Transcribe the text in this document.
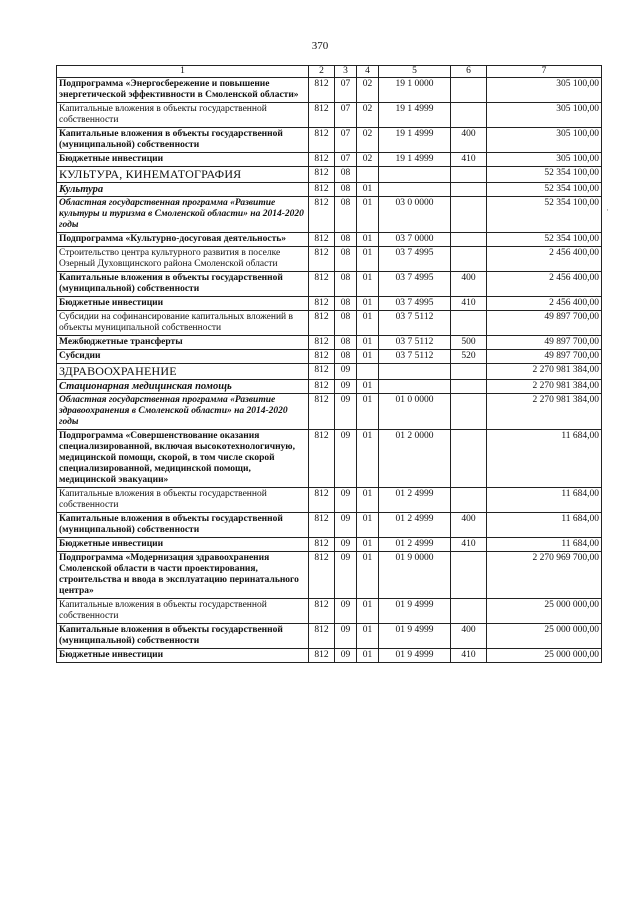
370
·
1	2	3	4	5	6	7
Подпрограмма «Энергосбережение и повышение энергетической эффективности в Смоленской области»	812	07	02	19 1 0000		305 100,00
Капитальные вложения в объекты государственной собственности	812	07	02	19 1 4999		305 100,00
Капитальные вложения в объекты государственной (муниципальной) собственности	812	07	02	19 1 4999	400	305 100,00
Бюджетные инвестиции	812	07	02	19 1 4999	410	305 100,00
КУЛЬТУРА, КИНЕМАТОГРАФИЯ	812	08				52 354 100,00
Культура	812	08	01			52 354 100,00
Областная государственная программа «Развитие культуры и туризма в Смоленской области» на 2014-2020 годы	812	08	01	03 0 0000		52 354 100,00
Подпрограмма «Культурно-досуговая деятельность»	812	08	01	03 7 0000		52 354 100,00
Строительство центра культурного развития в поселке Озерный Духовщинского района Смоленской области	812	08	01	03 7 4995		2 456 400,00
Капитальные вложения в объекты государственной (муниципальной) собственности	812	08	01	03 7 4995	400	2 456 400,00
Бюджетные инвестиции	812	08	01	03 7 4995	410	2 456 400,00
Субсидии на софинансирование капитальных вложений в объекты муниципальной собственности	812	08	01	03 7 5112		49 897 700,00
Межбюджетные трансферты	812	08	01	03 7 5112	500	49 897 700,00
Субсидии	812	08	01	03 7 5112	520	49 897 700,00
ЗДРАВООХРАНЕНИЕ	812	09				2 270 981 384,00
Стационарная медицинская помощь	812	09	01			2 270 981 384,00
Областная государственная программа «Развитие здравоохранения в Смоленской области» на 2014-2020 годы	812	09	01	01 0 0000		2 270 981 384,00
Подпрограмма «Совершенствование оказания специализированной, включая высокотехнологичную, медицинской помощи, скорой, в том числе скорой специализированной, медицинской помощи, медицинской эвакуации»	812	09	01	01 2 0000		11 684,00
Капитальные вложения в объекты государственной собственности	812	09	01	01 2 4999		11 684,00
Капитальные вложения в объекты государственной (муниципальной) собственности	812	09	01	01 2 4999	400	11 684,00
Бюджетные инвестиции	812	09	01	01 2 4999	410	11 684,00
Подпрограмма «Модернизация здравоохранения Смоленской области в части проектирования, строительства и ввода в эксплуатацию перинатального центра»	812	09	01	01 9 0000		2 270 969 700,00
Капитальные вложения в объекты государственной собственности	812	09	01	01 9 4999		25 000 000,00
Капитальные вложения в объекты государственной (муниципальной) собственности	812	09	01	01 9 4999	400	25 000 000,00
Бюджетные инвестиции	812	09	01	01 9 4999	410	25 000 000,00
